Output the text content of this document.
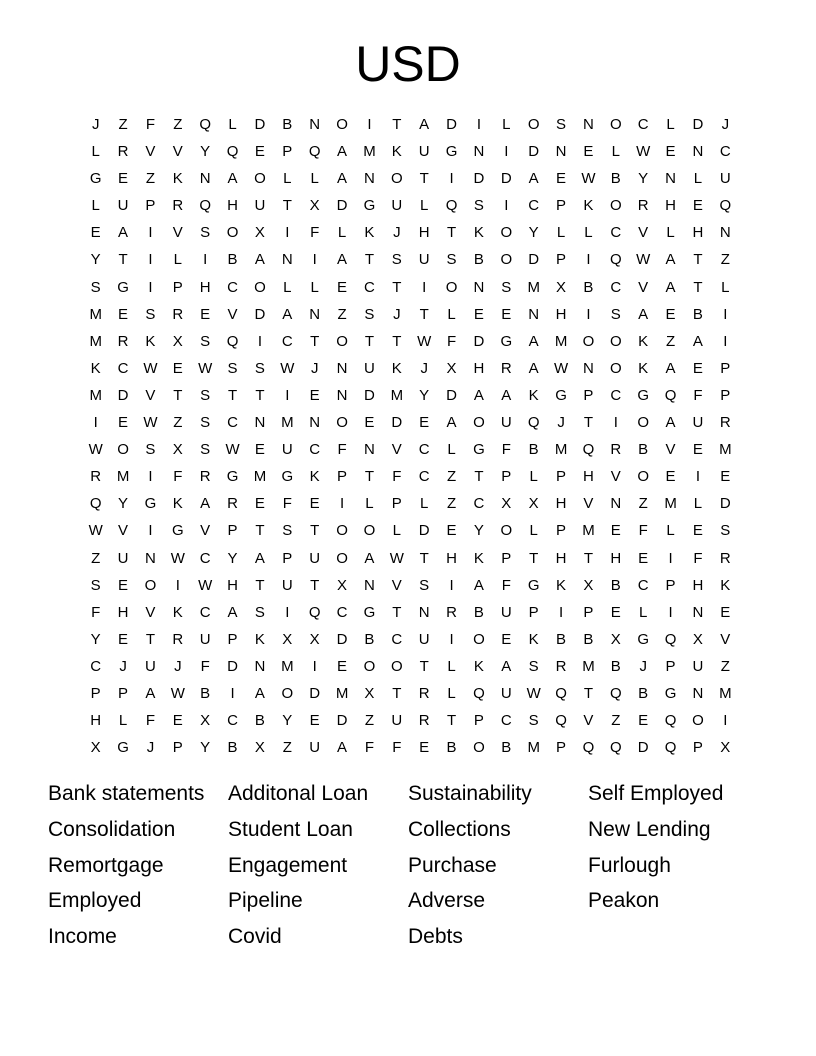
USD
J	Z	F	Z	Q	L	D	B	N	O	I	T	A	D	I	L	O	S	N	O	C	L	D	J
L	R	V	V	Y	Q	E	P	Q	A	M	K	U	G	N	I	D	N	E	L	W	E	N	C
G	E	Z	K	N	A	O	L	L	A	N	O	T	I	D	D	A	E	W	B	Y	N	L	U
L	U	P	R	Q	H	U	T	X	D	G	U	L	Q	S	I	C	P	K	O	R	H	E	Q
E	A	I	V	S	O	X	I	F	L	K	J	H	T	K	O	Y	L	L	C	V	L	H	N
Y	T	I	L	I	B	A	N	I	A	T	S	U	S	B	O	D	P	I	Q W	A	T	Z
S	G	I	P	H	C	O	L	L	E	C	T	I	O	N	S	M	X	B	C	V	A	T	L
M	E	S	R	E	V	D	A	N	Z	S	J	T	L	E	E	N	H	I	S	A	E	B	I
M	R	K	X	S	Q	I	C	T	O	T	T	W	F	D	G	A	M	O	O	K	Z	A	I
K	C W	E	W	S	S	W	J	N	U	K	J	X	H	R	A	W N	O	K	A	E	P
M	D	V	T	S	T	T	I	E	N	D	M	Y	D	A	A	K	G	P	C	G	Q	F	P
I	E	W	Z	S	C	N	M	N	O	E	D	E	A	O	U	Q	J	T	I	O	A	U	R
W O	S	X	S	W	E	U	C	F	N	V	C	L	G	F	B	M	Q	R	B	V	E	M
R	M	I	F	R	G	M	G	K	P	T	F	C	Z	T	P	L	P	H	V	O	E	I	E
Q	Y	G	K	A	R	E	F	E	I	L	P	L	Z	C	X	X	H	V	N	Z	M	L	D
W	V	I	G	V	P	T	S	T	O	O	L	D	E	Y	O	L	P	M	E	F	L	E	S
Z	U	N W C	Y	A	P	U	O	A	W	T	H	K	P	T	H	T	H	E	I	F	R
S	E	O	I	W H	T	U	T	X	N	V	S	I	A	F	G	K	X	B	C	P	H	K
F	H	V	K	C	A	S	I	Q	C	G	T	N	R	B	U	P	I	P	E	L	I	N	E
Y	E	T	R	U	P	K	X	X	D	B	C	U	I	O	E	K	B	B	X	G	Q	X	V
C	J	U	J	F	D	N	M	I	E	O	O	T	L	K	A	S	R	M	B	J	P	U	Z
P	P	A	W	B	I	A	O	D	M	X	T	R	L	Q	U W Q	T	Q	B	G	N	M
H	L	F	E	X	C	B	Y	E	D	Z	U	R	T	P	C	S	Q	V	Z	E	Q	O	I
X	G	J	P	Y	B	X	Z	U	A	F	F	E	B	O	B	M	P	Q	Q	D	Q	P	X
Bank statements	Additonal Loan	Sustainability	Self Employed
Consolidation	Student Loan	Collections	New Lending
Remortgage	Engagement	Purchase	Furlough
Employed	Pipeline	Adverse	Peakon
Income	Covid	Debts
